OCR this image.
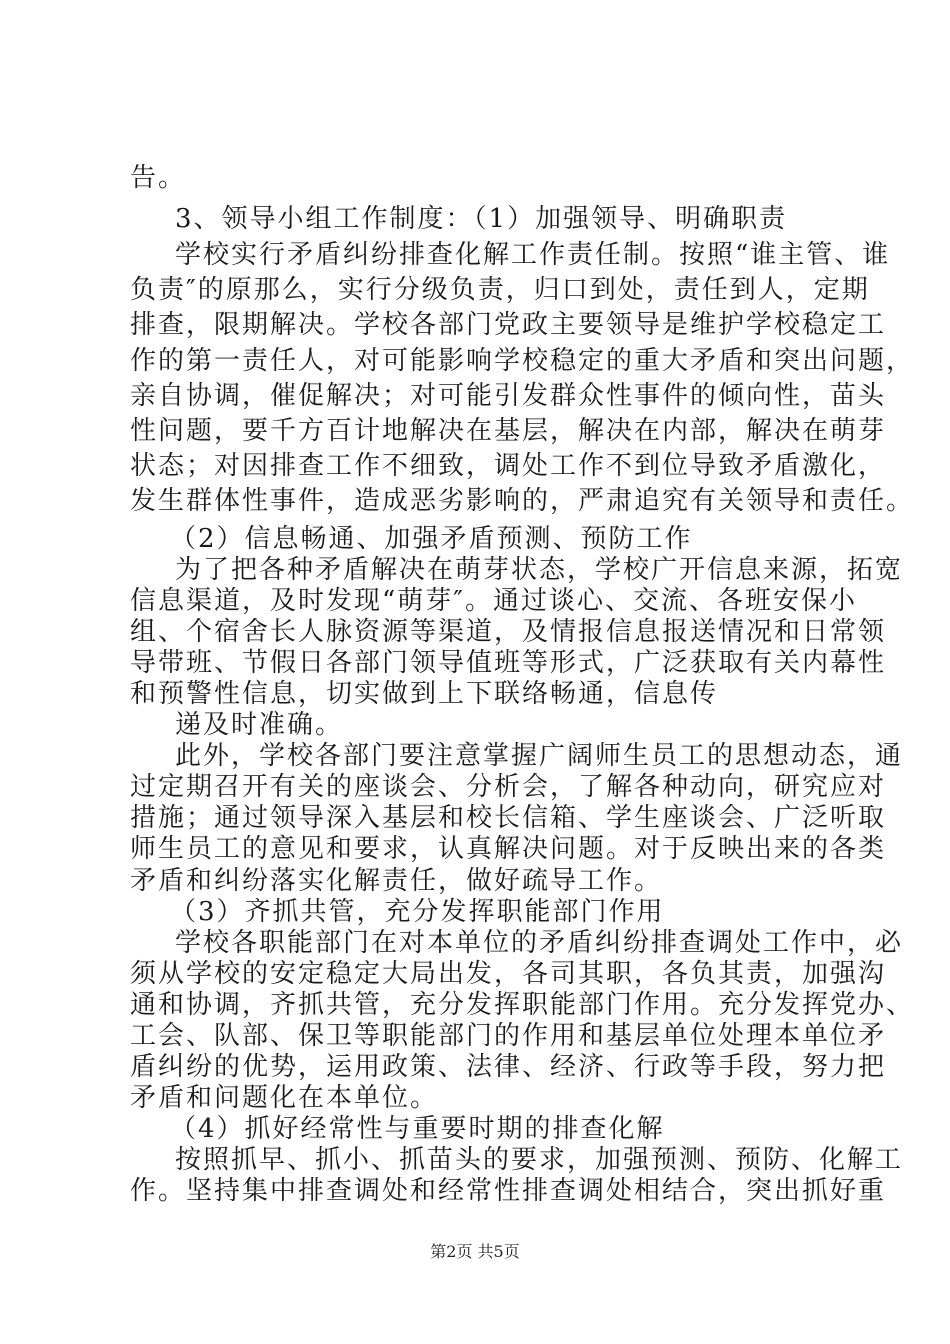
告。
3、领导小组工作制度：（1）加强领导、明确职责
学校实行矛盾纠纷排查化解工作责任制。按照“谁主管、谁
负责″的原那么，实行分级负责，归口到处，责任到人，定期
排查，限期解决。学校各部门党政主要领导是维护学校稳定工
作的第一责任人，对可能影响学校稳定的重大矛盾和突出问题，
亲自协调，催促解决；对可能引发群众性事件的倾向性，苗头
性问题，要千方百计地解决在基层，解决在内部，解决在萌芽
状态；对因排查工作不细致，调处工作不到位导致矛盾激化，
发生群体性事件，造成恶劣影响的，严肃追究有关领导和责任。
（2）信息畅通、加强矛盾预测、预防工作
为了把各种矛盾解决在萌芽状态，学校广开信息来源，拓宽
信息渠道，及时发现“萌芽″。通过谈心、交流、各班安保小
组、个宿舍长人脉资源等渠道，及情报信息报送情况和日常领
导带班、节假日各部门领导值班等形式，广泛获取有关内幕性
和预警性信息，切实做到上下联络畅通，信息传
递及时准确。
此外，学校各部门要注意掌握广阔师生员工的思想动态，通
过定期召开有关的座谈会、分析会，了解各种动向，研究应对
措施；通过领导深入基层和校长信箱、学生座谈会、广泛听取
师生员工的意见和要求，认真解决问题。对于反映出来的各类
矛盾和纠纷落实化解责任，做好疏导工作。
（3）齐抓共管，充分发挥职能部门作用
学校各职能部门在对本单位的矛盾纠纷排查调处工作中，必
须从学校的安定稳定大局出发，各司其职，各负其责，加强沟
通和协调，齐抓共管，充分发挥职能部门作用。充分发挥党办、
工会、队部、保卫等职能部门的作用和基层单位处理本单位矛
盾纠纷的优势，运用政策、法律、经济、行政等手段，努力把
矛盾和问题化在本单位。
（4）抓好经常性与重要时期的排查化解
按照抓早、抓小、抓苗头的要求，加强预测、预防、化解工
作。坚持集中排查调处和经常性排查调处相结合，突出抓好重
第2页 共5页
